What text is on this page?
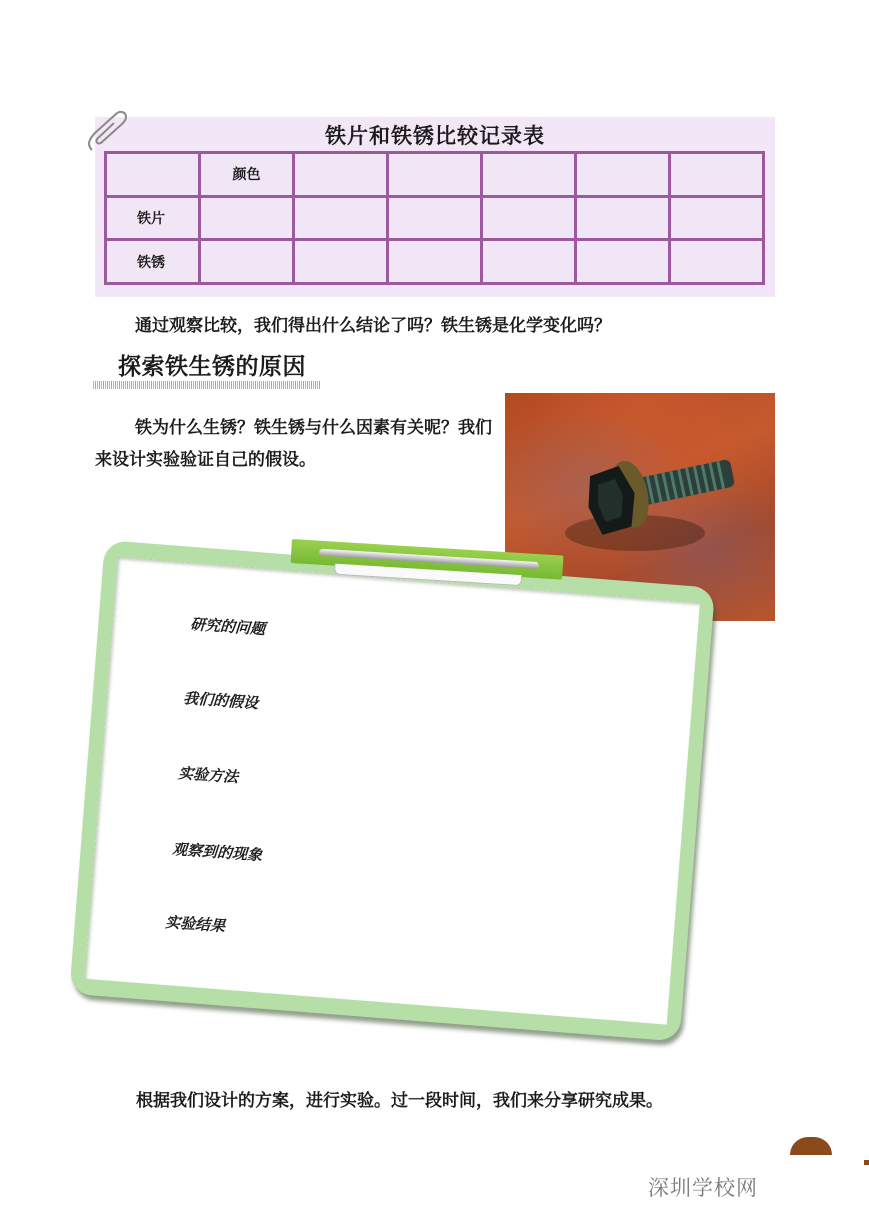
铁片和铁锈比较记录表
	颜色					
铁片						
铁锈						
通过观察比较，我们得出什么结论了吗？铁生锈是化学变化吗？
探索铁生锈的原因
铁为什么生锈？铁生锈与什么因素有关呢？我们来设计实验验证自己的假设。
研究的问题
我们的假设
实验方法
观察到的现象
实验结果
根据我们设计的方案，进行实验。过一段时间，我们来分享研究成果。
深圳学校网
